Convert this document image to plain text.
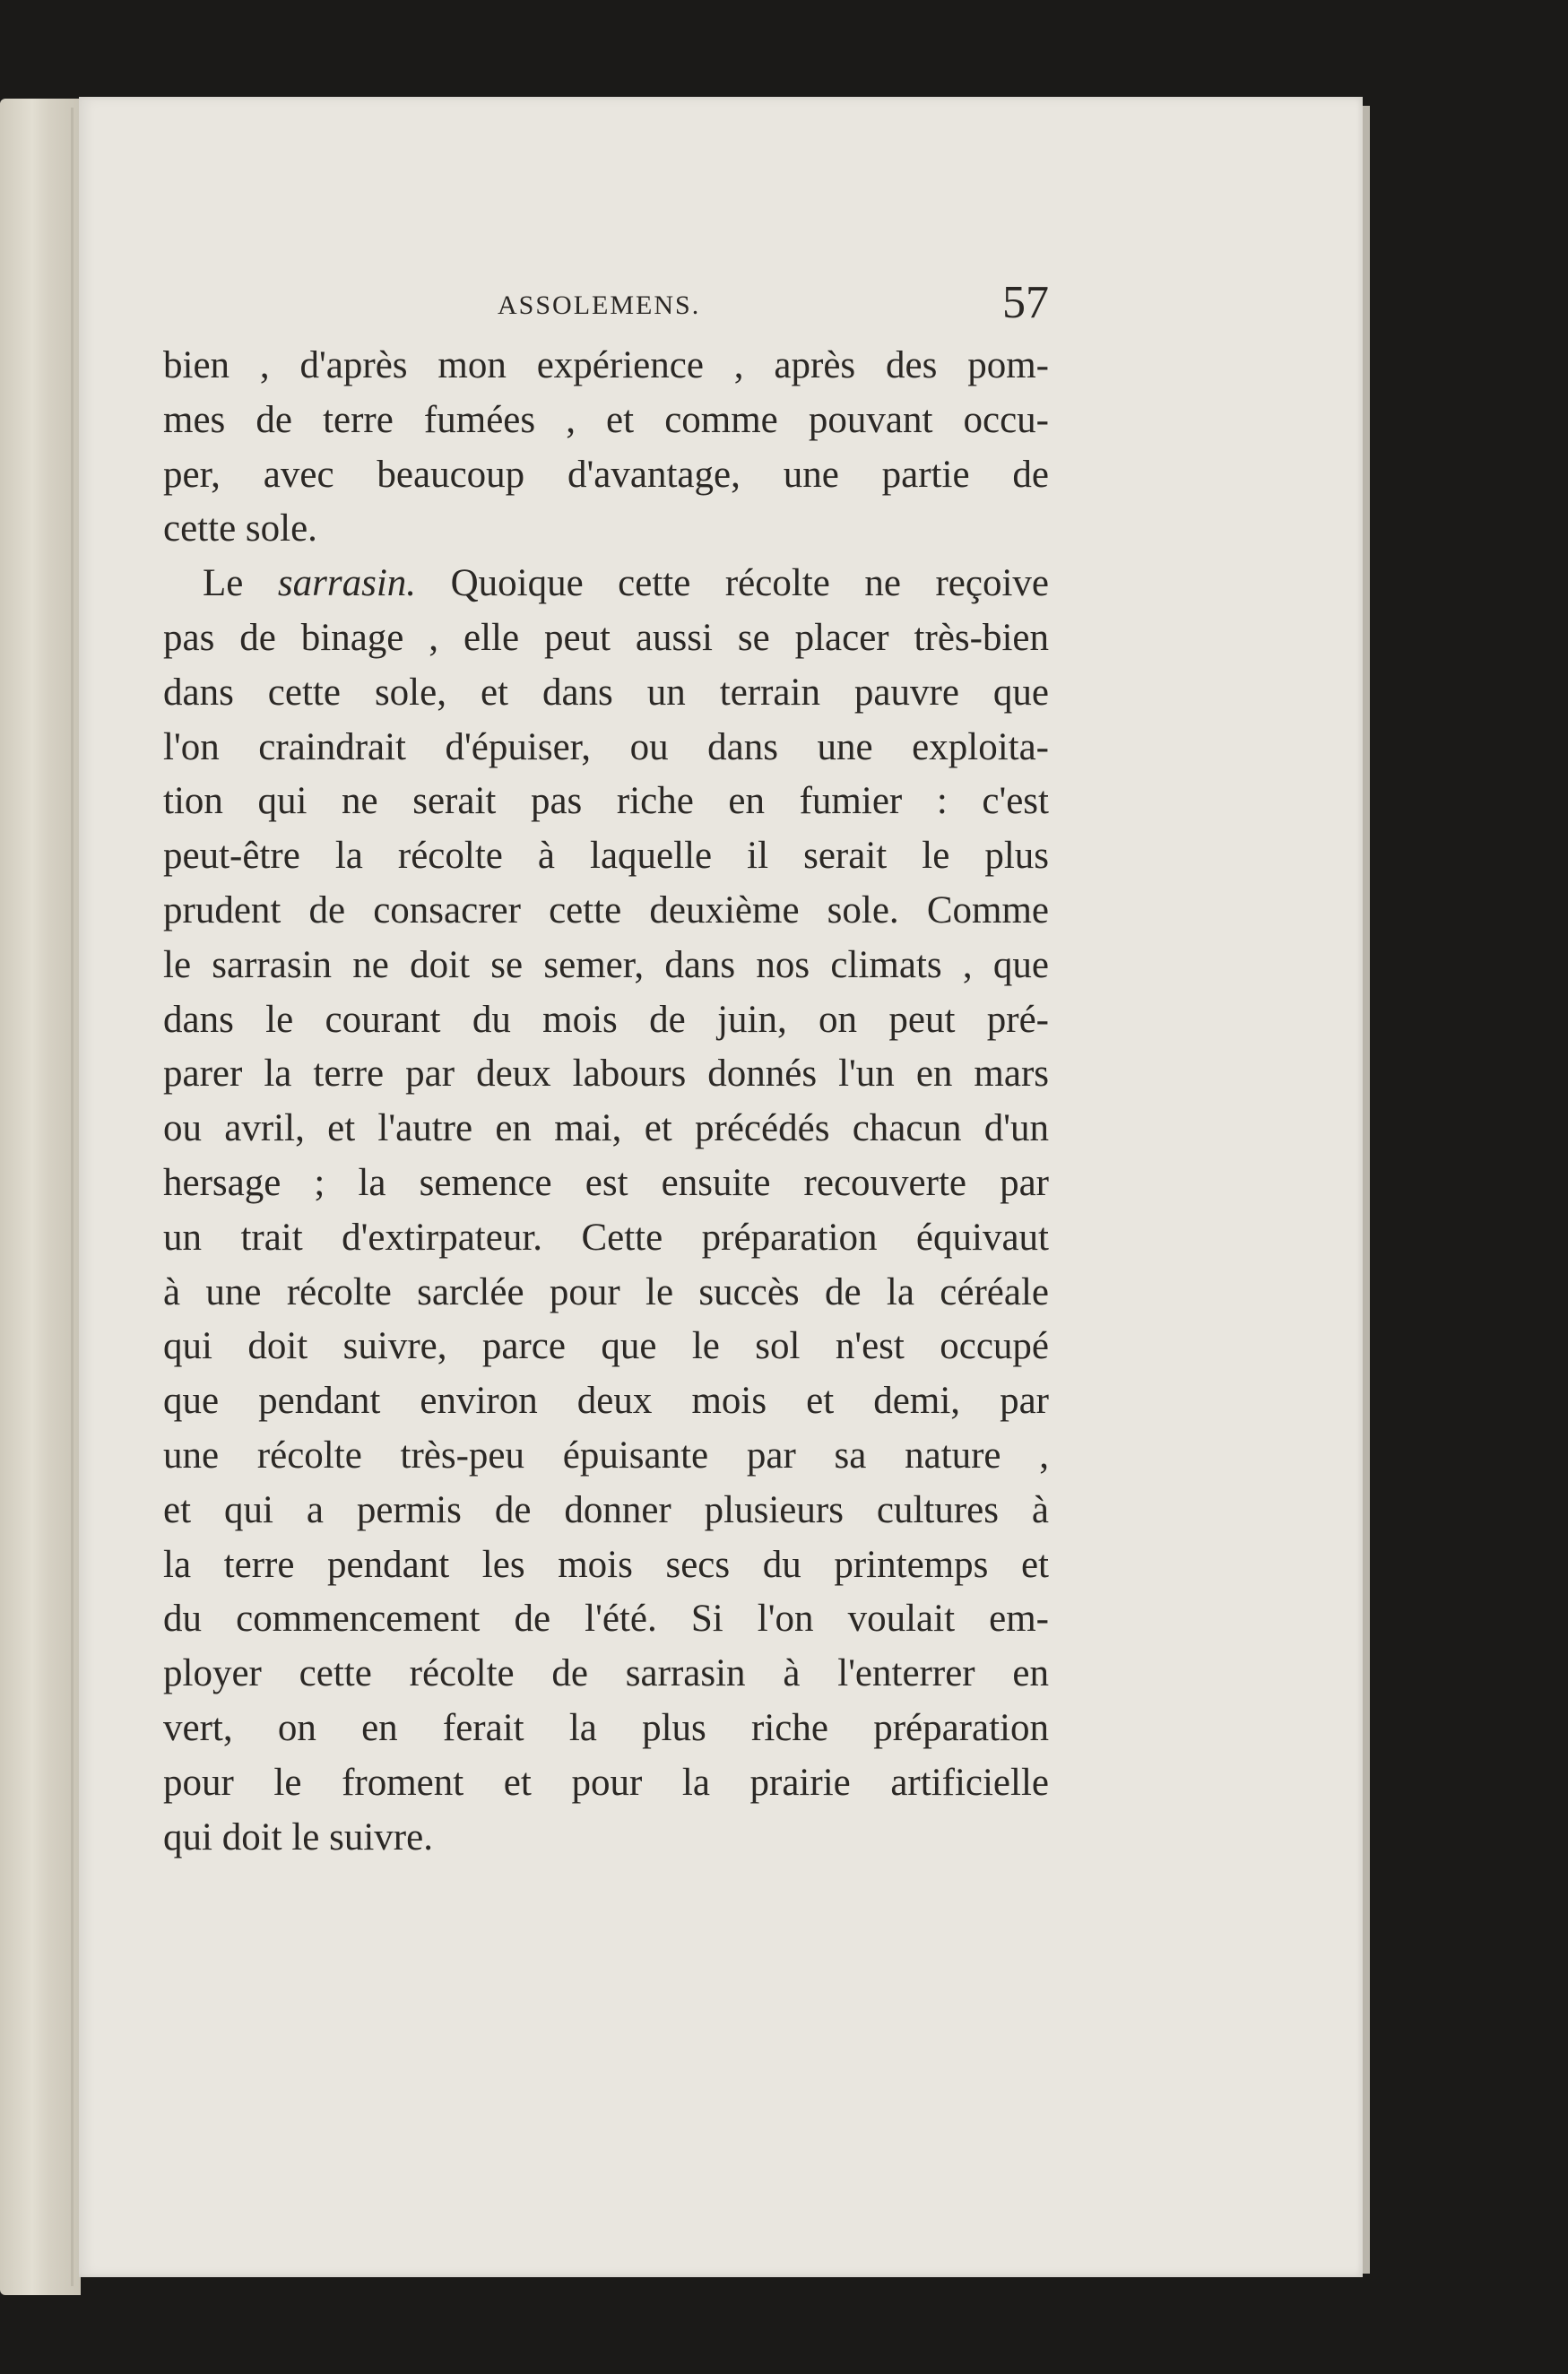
ASSOLEMENS.	57
bien , d'après mon expérience , après des pom-
mes de terre fumées , et comme pouvant occu-
per, avec beaucoup d'avantage, une partie de
cette sole.
Le sarrasin. Quoique cette récolte ne reçoive
pas de binage , elle peut aussi se placer très-bien
dans cette sole, et dans un terrain pauvre que
l'on craindrait d'épuiser, ou dans une exploita-
tion qui ne serait pas riche en fumier : c'est
peut-être la récolte à laquelle il serait le plus
prudent de consacrer cette deuxième sole. Comme
le sarrasin ne doit se semer, dans nos climats , que
dans le courant du mois de juin, on peut pré-
parer la terre par deux labours donnés l'un en mars
ou avril, et l'autre en mai, et précédés chacun d'un
hersage ; la semence est ensuite recouverte par
un trait d'extirpateur. Cette préparation équivaut
à une récolte sarclée pour le succès de la céréale
qui doit suivre, parce que le sol n'est occupé
que pendant environ deux mois et demi, par
une récolte très-peu épuisante par sa nature ,
et qui a permis de donner plusieurs cultures à
la terre pendant les mois secs du printemps et
du commencement de l'été. Si l'on voulait em-
ployer cette récolte de sarrasin à l'enterrer en
vert, on en ferait la plus riche préparation
pour le froment et pour la prairie artificielle
qui doit le suivre.
